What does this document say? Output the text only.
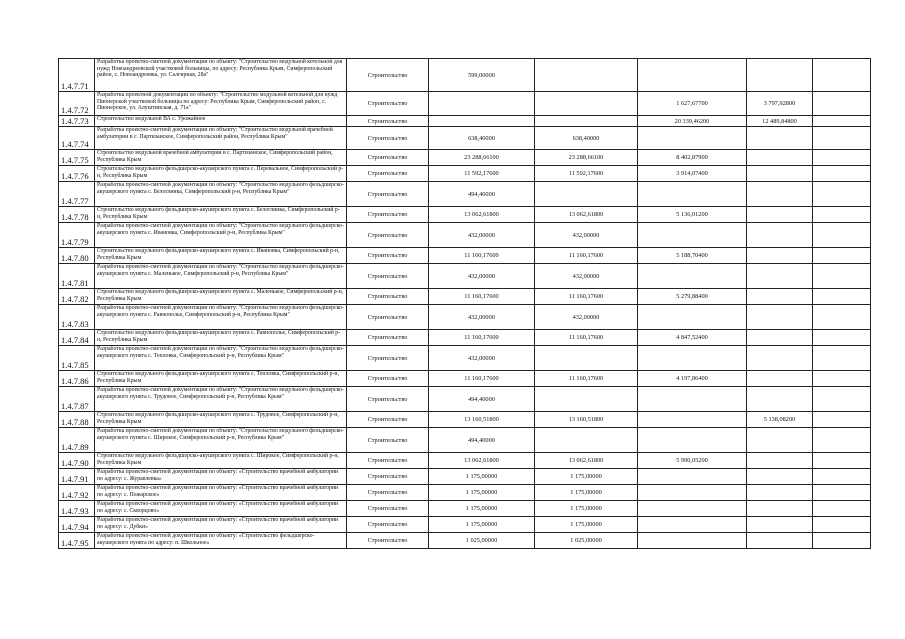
1.4.7.71	Разработка проектно-сметной документации по объекту: "Строительство модульной котельной для нужд Новоандреевской участковой больницы, по адресу: Республика Крым, Симферопольский район, с. Новоандреевка, ул. Салгирная, 28а"	Строительство	599,00000				
1.4.7.72	Разработка проектной документации по объекту: "Строительство модульной котельной для нужд Пионерской участковой больницы по адресу: Республика Крым, Симферопольский район, с. Пионерское, ул. Алуштинская, д. 71а"	Строительство			1 627,67700	3 797,92800	
1.4.7.73	Строительство модульной ВА с. Урожайное	Строительство			20 339,46200	12 489,84800	
1.4.7.74	Разработка проектно-сметной документации по объекту: "Строительство модульной врачебной амбулатории в с. Партизанское, Симферопольский район, Республика Крым"	Строительство	638,40000	638,40000			
1.4.7.75	Строительство модульной врачебной амбулатории в с. Партизанское, Симферопольский район, Республика Крым	Строительство	23 288,66100	23 288,66100	8 402,87900		
1.4.7.76	Строительство модульного фельдшерско-акушерского пункта с. Перевальное, Симферопольский р-н, Республика Крым	Строительство	11 592,17600	11 592,17600	3 914,07400		
1.4.7.77	Разработка проектно-сметной документации по объекту: "Строительство модульного фельдшерско-акушерского пункта с. Белоглинка, Симферопольский р-н, Республика Крым"	Строительство	494,40000				
1.4.7.78	Строительство модульного фельдшерско-акушерского пункта с. Белоглинка, Симферопольский р-н, Республика Крым	Строительство	13 062,61800	13 062,61800	5 136,01200		
1.4.7.79	Разработка проектно-сметной документации по объекту: "Строительство модульного фельдшерско-акушерского пункта с. Ивановка, Симферопольский р-н, Республика Крым"	Строительство	432,00000	432,00000			
1.4.7.80	Строительство модульного фельдшерско-акушерского пункта с. Ивановка, Симферопольский р-н, Республика Крым	Строительство	11 160,17600	11 160,17600	5 188,70400		
1.4.7.81	Разработка проектно-сметной документации по объекту: "Строительство модульного фельдшерско-акушерского пункта с. Маленькое, Симферопольский р-н, Республика Крым"	Строительство	432,00000	432,00000			
1.4.7.82	Строительство модульного фельдшерско-акушерского пункта с. Маленькое, Симферопольский р-н, Республика Крым	Строительство	11 160,17600	11 160,17600	5 279,88400		
1.4.7.83	Разработка проектно-сметной документации по объекту: "Строительство модульного фельдшерско-акушерского пункта с. Равнополье, Симферопольский р-н, Республика Крым"	Строительство	432,00000	432,00000			
1.4.7.84	Строительство модульного фельдшерско-акушерского пункта с. Равнополье, Симферопольский р-н, Республика Крым	Строительство	11 160,17600	11 160,17600	4 847,52400		
1.4.7.85	Разработка проектно-сметной документации по объекту: "Строительство модульного фельдшерско-акушерского пункта с. Тепловка, Симферопольский р-н, Республика Крым"	Строительство	432,00000				
1.4.7.86	Строительство модульного фельдшерско-акушерского пункта с. Тепловка, Симферопольский р-н, Республика Крым	Строительство	11 160,17600	11 160,17600	4 197,86400		
1.4.7.87	Разработка проектно-сметной документации по объекту: "Строительство модульного фельдшерско-акушерского пункта с. Трудовое, Симферопольский р-н, Республика Крым"	Строительство	494,40000				
1.4.7.88	Строительство модульного фельдшерско-акушерского пункта с. Трудовое, Симферопольский р-н, Республика Крым	Строительство	13 160,51800	13 160,51800		5 138,08200	
1.4.7.89	Разработка проектно-сметной документации по объекту: "Строительство модульного фельдшерско-акушерского пункта с. Широкое, Симферопольский р-н, Республика Крым"	Строительство	494,40000				
1.4.7.90	Строительство модульного фельдшерско-акушерского пункта с. Широкое, Симферопольский р-н, Республика Крым	Строительство	13 062,61800	13 062,61800	5 990,05200		
1.4.7.91	Разработка проектно-сметной документации по объекту: «Строительство врачебной амбулатории по адресу: с. Журавлевка»	Строительство	1 175,00000	1 175,00000			
1.4.7.92	Разработка проектно-сметной документации по объекту: «Строительство врачебной амбулатории по адресу: с. Пожарское»	Строительство	1 175,00000	1 175,00000			
1.4.7.93	Разработка проектно-сметной документации по объекту: «Строительство врачебной амбулатории по адресу: с. Скворцово»	Строительство	1 175,00000	1 175,00000			
1.4.7.94	Разработка проектно-сметной документации по объекту: «Строительство врачебной амбулатории по адресу: с. Дубки»	Строительство	1 175,00000	1 175,00000			
1.4.7.95	Разработка проектно-сметной документации по объекту: «Строительство фельдшерско-акушерского пункта по адресу: п. Школьное»	Строительство	1 025,00000	1 025,00000			
